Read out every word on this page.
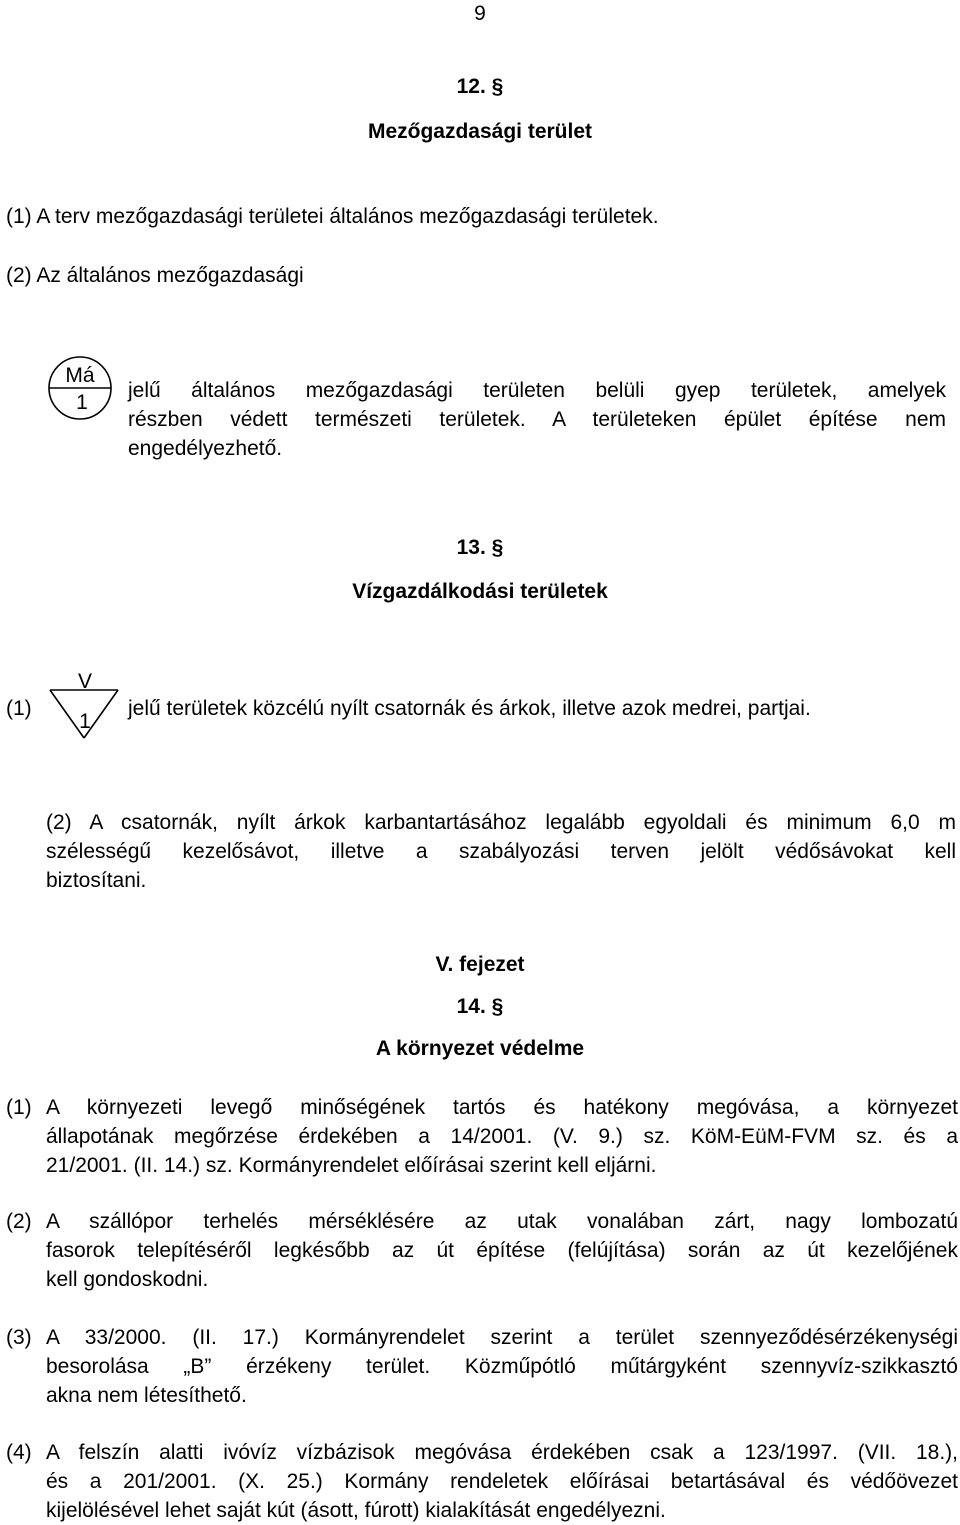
9
12. §
Mezőgazdasági terület
(1) A terv mezőgazdasági területei általános mezőgazdasági területek.
(2) Az általános mezőgazdasági
Má
1
jelű általános mezőgazdasági területen belüli gyep területek, amelyek
részben védett természeti területek. A területeken épület építése nem
engedélyezhető.
13. §
Vízgazdálkodási területek
(1)
V
1
jelű területek közcélú nyílt csatornák és árkok, illetve azok medrei, partjai.
(2) A csatornák, nyílt árkok karbantartásához legalább egyoldali és minimum 6,0 m
szélességű kezelősávot, illetve a szabályozási terven jelölt védősávokat kell
biztosítani.
V. fejezet
14. §
A környezet védelme
(1) A környezeti levegő minőségének tartós és hatékony megóvása, a környezet
állapotának megőrzése érdekében a 14/2001. (V. 9.) sz. KöM-EüM-FVM sz. és a
21/2001. (II. 14.) sz. Kormányrendelet előírásai szerint kell eljárni.
(2) A szállópor terhelés mérséklésére az utak vonalában zárt, nagy lombozatú
fasorok telepítéséről legkésőbb az út építése (felújítása) során az út kezelőjének
kell gondoskodni.
(3) A 33/2000. (II. 17.) Kormányrendelet szerint a terület szennyeződésérzékenységi
besorolása „B” érzékeny terület. Közműpótló műtárgyként szennyvíz-szikkasztó
akna nem létesíthető.
(4) A felszín alatti ivóvíz vízbázisok megóvása érdekében csak a 123/1997. (VII. 18.),
és a 201/2001. (X. 25.) Kormány rendeletek előírásai betartásával és védőövezet
kijelölésével lehet saját kút (ásott, fúrott) kialakítását engedélyezni.
